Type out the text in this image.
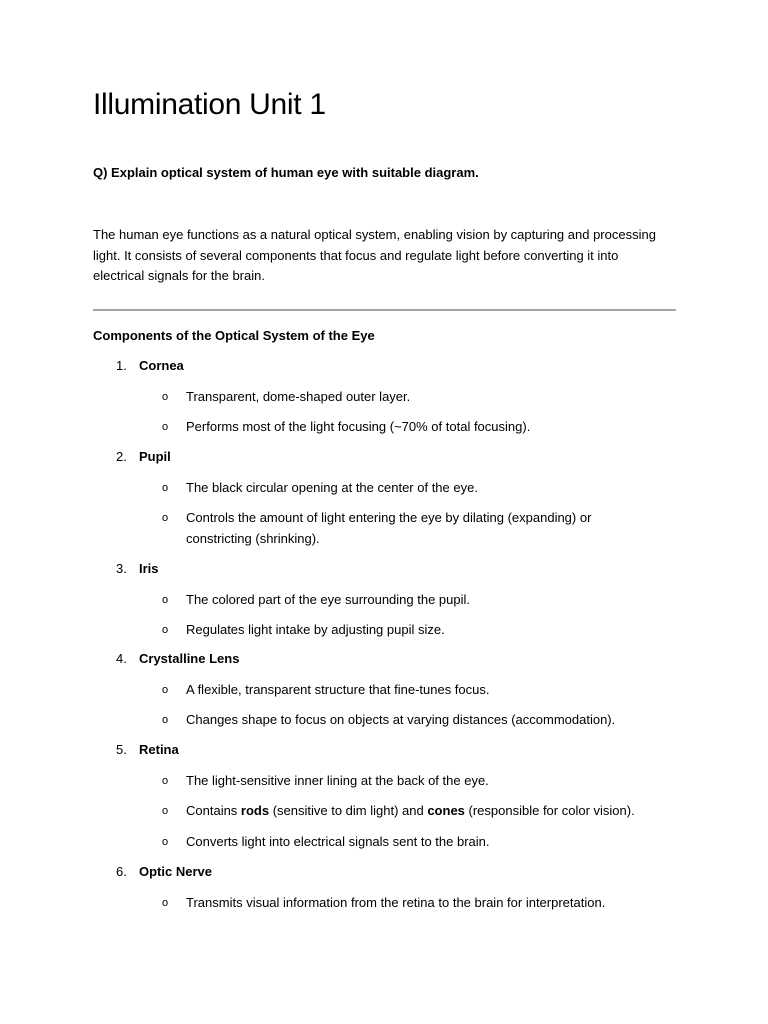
Illumination Unit 1
Q) Explain optical system of human eye with suitable diagram.
The human eye functions as a natural optical system, enabling vision by capturing and processing light. It consists of several components that focus and regulate light before converting it into electrical signals for the brain.
Components of the Optical System of the Eye
1. Cornea
o Transparent, dome-shaped outer layer.
o Performs most of the light focusing (~70% of total focusing).
2. Pupil
o The black circular opening at the center of the eye.
o Controls the amount of light entering the eye by dilating (expanding) or constricting (shrinking).
3. Iris
o The colored part of the eye surrounding the pupil.
o Regulates light intake by adjusting pupil size.
4. Crystalline Lens
o A flexible, transparent structure that fine-tunes focus.
o Changes shape to focus on objects at varying distances (accommodation).
5. Retina
o The light-sensitive inner lining at the back of the eye.
o Contains rods (sensitive to dim light) and cones (responsible for color vision).
o Converts light into electrical signals sent to the brain.
6. Optic Nerve
o Transmits visual information from the retina to the brain for interpretation.
